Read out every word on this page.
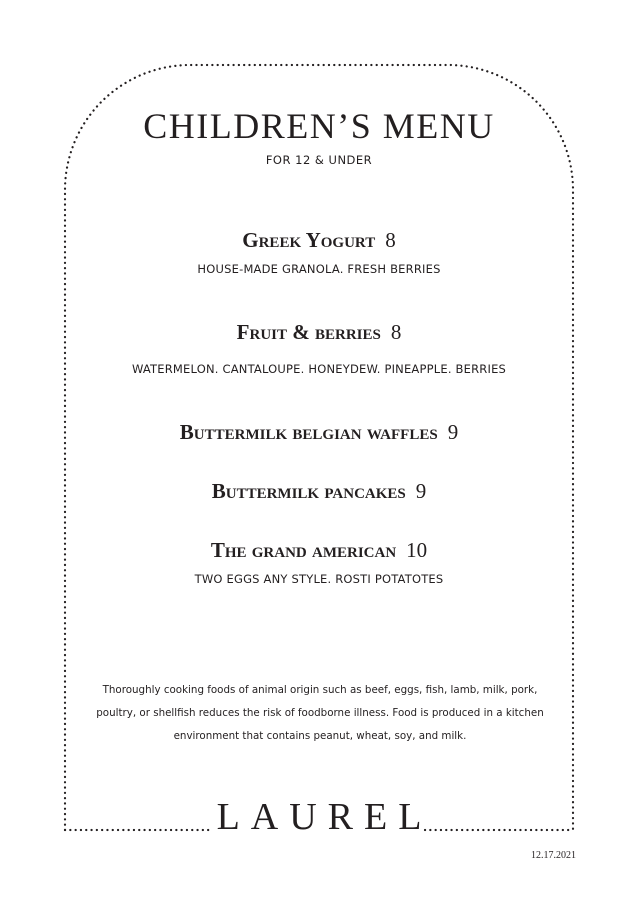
CHILDREN’S MENU
FOR 12 & UNDER
Greek Yogurt 8
HOUSE-MADE GRANOLA. FRESH BERRIES
Fruit & berries 8
WATERMELON. CANTALOUPE. HONEYDEW. PINEAPPLE. BERRIES
Buttermilk belgian waffles 9
Buttermilk pancakes 9
The grand american 10
TWO EGGS ANY STYLE. ROSTI POTATOTES
Thoroughly cooking foods of animal origin such as beef, eggs, fish, lamb, milk, pork, poultry, or shellfish reduces the risk of foodborne illness. Food is produced in a kitchen environment that contains peanut, wheat, soy, and milk.
LAUREL
12.17.2021
